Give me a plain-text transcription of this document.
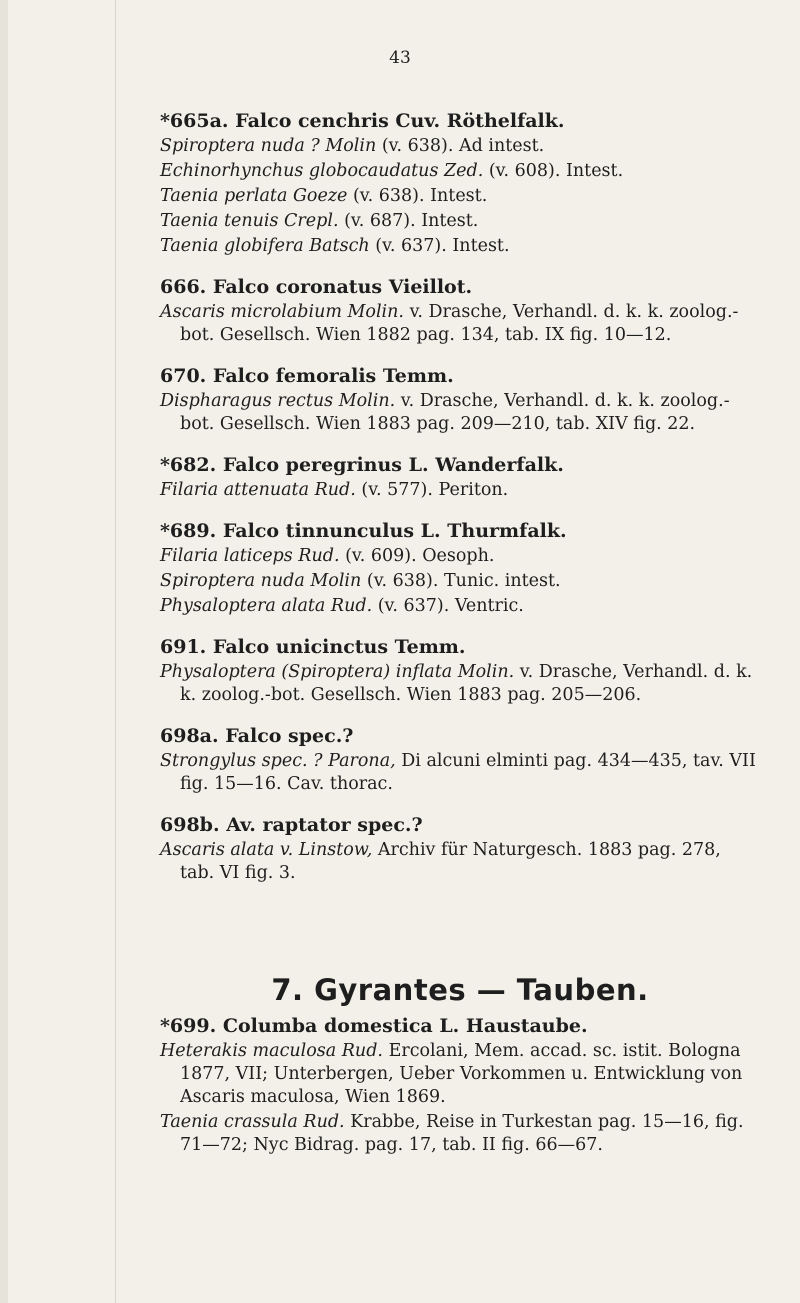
43

*665a. Falco cenchris Cuv. Röthelfalk.

Spiroptera nuda ? Molin (v. 638). Ad intest.

Echinorhynchus globocaudatus Zed. (v. 608). Intest.

Taenia perlata Goeze (v. 638). Intest.

Taenia tenuis Crepl. (v. 687). Intest.

Taenia globifera Batsch (v. 637). Intest.

666. Falco coronatus Vieillot.

Ascaris microlabium Molin. v. Drasche, Verhandl. d. k. k. zoolog.-bot. Gesellsch. Wien 1882 pag. 134, tab. IX fig. 10—12.

670. Falco femoralis Temm.

Dispharagus rectus Molin. v. Drasche, Verhandl. d. k. k. zoolog.-bot. Gesellsch. Wien 1883 pag. 209—210, tab. XIV fig. 22.

*682. Falco peregrinus L. Wanderfalk.

Filaria attenuata Rud. (v. 577). Periton.

*689. Falco tinnunculus L. Thurmfalk.

Filaria laticeps Rud. (v. 609). Oesoph.

Spiroptera nuda Molin (v. 638). Tunic. intest.

Physaloptera alata Rud. (v. 637). Ventric.

691. Falco unicinctus Temm.

Physaloptera (Spiroptera) inflata Molin. v. Drasche, Verhandl. d. k. k. zoolog.-bot. Gesellsch. Wien 1883 pag. 205—206.

698a. Falco spec.?

Strongylus spec. ? Parona, Di alcuni elminti pag. 434—435, tav. VII fig. 15—16. Cav. thorac.

698b. Av. raptator spec.?

Ascaris alata v. Linstow, Archiv für Naturgesch. 1883 pag. 278, tab. VI fig. 3.

7. Gyrantes — Tauben.

*699. Columba domestica L. Haustaube.

Heterakis maculosa Rud. Ercolani, Mem. accad. sc. istit. Bologna 1877, VII; Unterbergen, Ueber Vorkommen u. Entwicklung von Ascaris maculosa, Wien 1869.

Taenia crassula Rud. Krabbe, Reise in Turkestan pag. 15—16, fig. 71—72; Nyc Bidrag. pag. 17, tab. II fig. 66—67.
